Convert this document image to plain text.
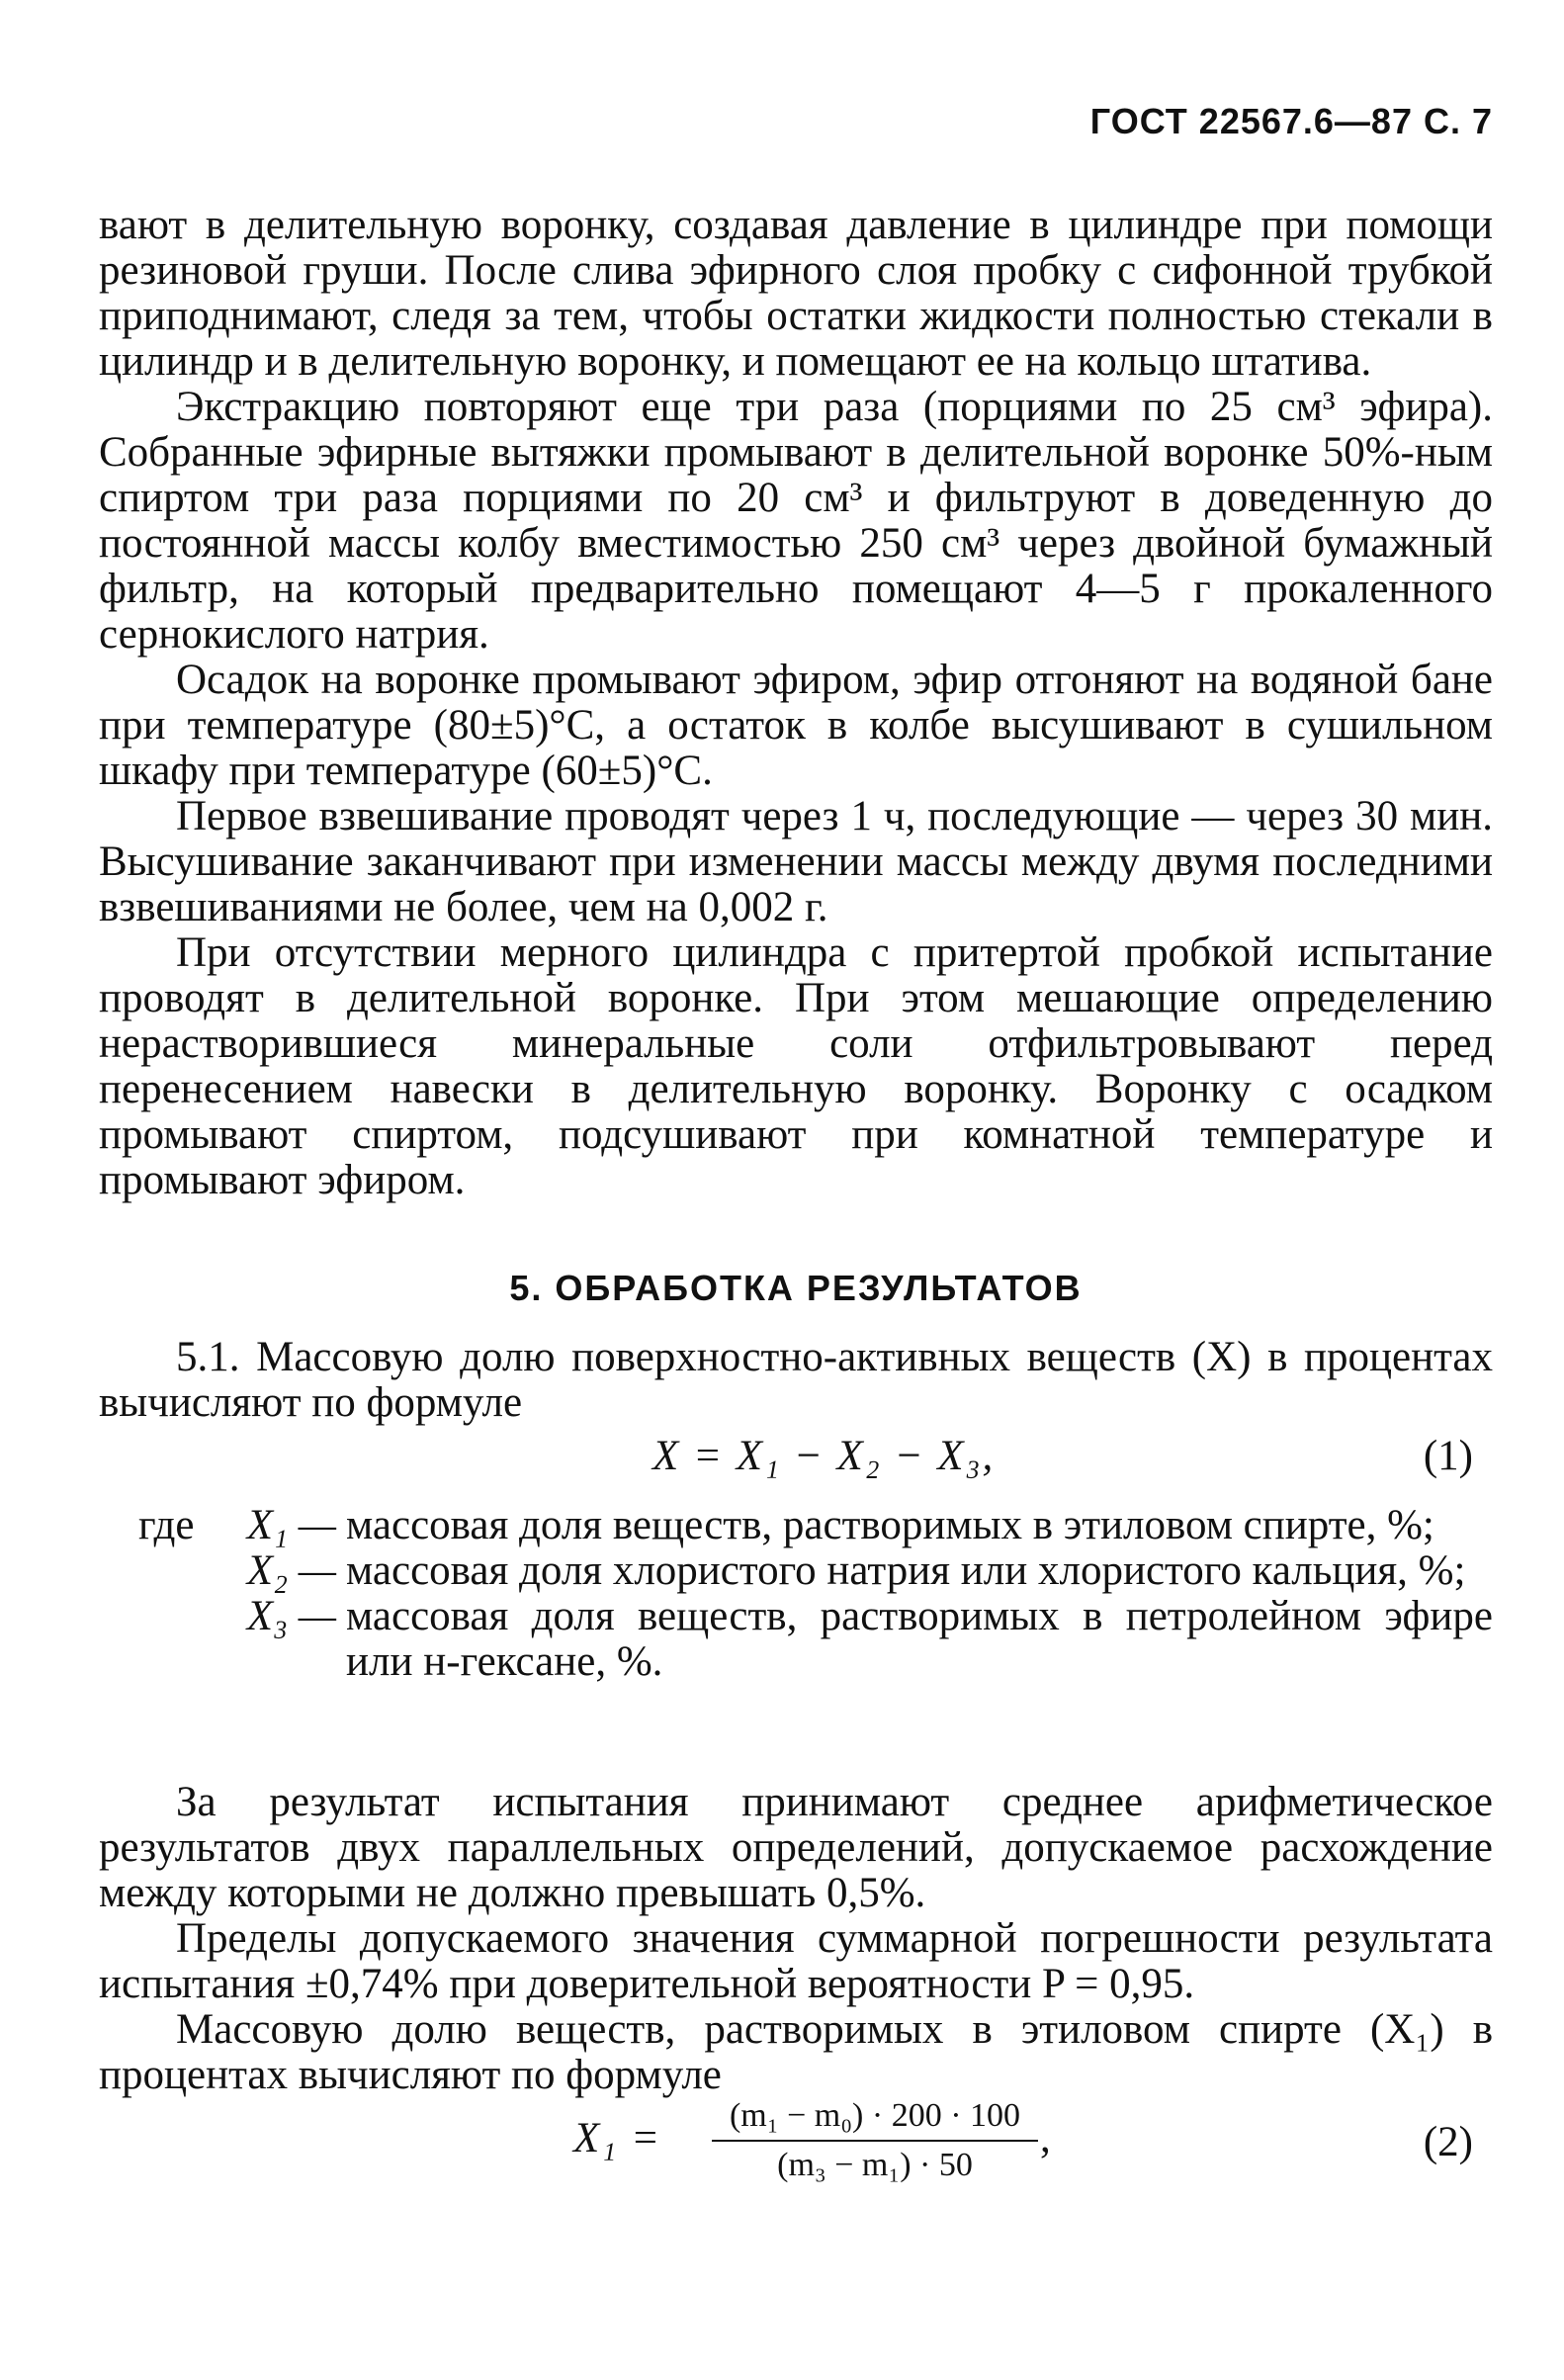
ГОСТ 22567.6—87 С. 7

вают в делительную воронку, создавая давление в цилиндре при помощи резиновой груши. После слива эфирного слоя пробку с сифонной трубкой приподнимают, следя за тем, чтобы остатки жидкости полностью стекали в цилиндр и в делительную воронку, и помещают ее на кольцо штатива.

Экстракцию повторяют еще три раза (порциями по 25 см³ эфира). Собранные эфирные вытяжки промывают в делительной воронке 50%-ным спиртом три раза порциями по 20 см³ и фильтруют в доведенную до постоянной массы колбу вместимостью 250 см³ через двойной бумажный фильтр, на который предварительно помещают 4—5 г прокаленного сернокислого натрия.

Осадок на воронке промывают эфиром, эфир отгоняют на водяной бане при температуре (80±5)°С, а остаток в колбе высушивают в сушильном шкафу при температуре (60±5)°С.

Первое взвешивание проводят через 1 ч, последующие — через 30 мин. Высушивание заканчивают при изменении массы между двумя последними взвешиваниями не более, чем на 0,002 г.

При отсутствии мерного цилиндра с притертой пробкой испытание проводят в делительной воронке. При этом мешающие определению нерастворившиеся минеральные соли отфильтровывают перед перенесением навески в делительную воронку. Воронку с осадком промывают спиртом, подсушивают при комнатной температуре и промывают эфиром.

5. ОБРАБОТКА РЕЗУЛЬТАТОВ

5.1. Массовую долю поверхностно-активных веществ (X) в процентах вычисляют по формуле

X = X₁ − X₂ − X₃,	(1)
где	X₁ — массовая доля веществ, растворимых в этиловом спирте, %;
X₂ — массовая доля хлористого натрия или хлористого кальция, %;
X₃ — массовая доля веществ, растворимых в петролейном эфире или н-гексане, %.

За результат испытания принимают среднее арифметическое результатов двух параллельных определений, допускаемое расхождение между которыми не должно превышать 0,5%.

Пределы допускаемого значения суммарной погрешности результата испытания ±0,74% при доверительной вероятности P = 0,95.

Массовую долю веществ, растворимых в этиловом спирте (X₁) в процентах вычисляют по формуле

$X_1 = \frac{\text{(m₁ − m₀) · 200 · 100}}{\text{(m₃ − m₁) · 50}}$ ,	(2)
